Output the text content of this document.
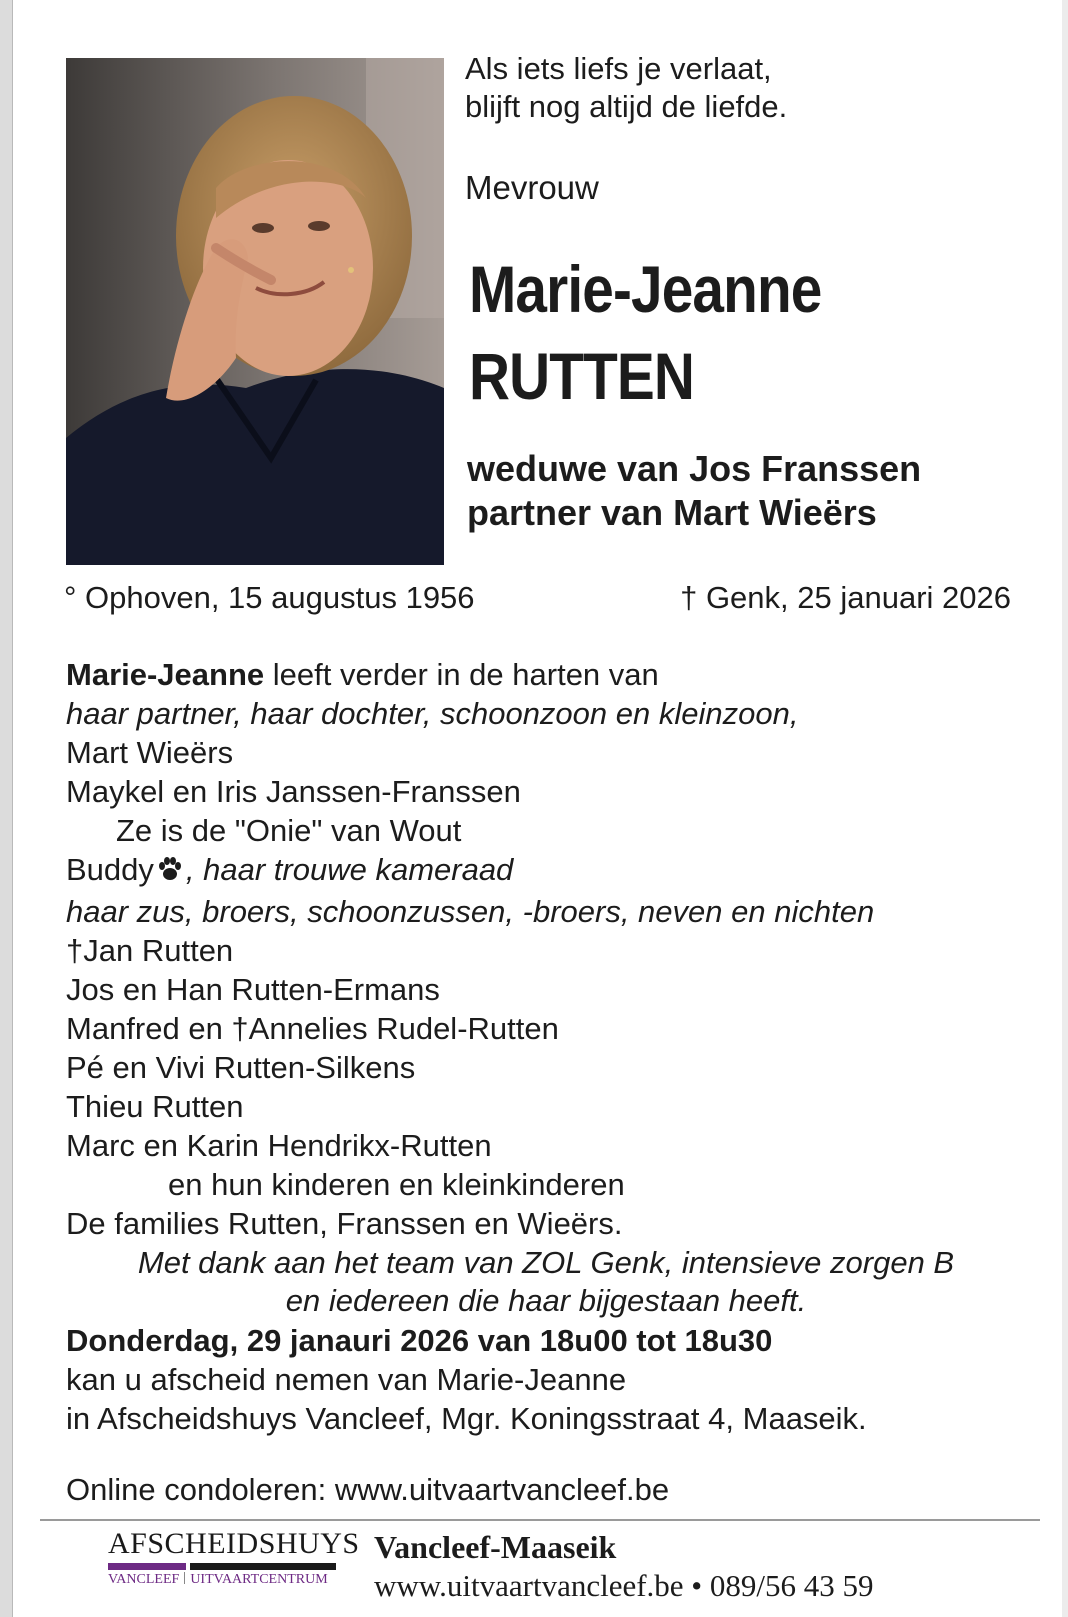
Als iets liefs je verlaat,
blijft nog altijd de liefde.
Mevrouw
Marie-Jeanne
RUTTEN
weduwe van Jos Franssen
partner van Mart Wieërs
° Ophoven, 15 augustus 1956	† Genk, 25 januari 2026
Marie-Jeanne leeft verder in de harten van
haar partner, haar dochter, schoonzoon en kleinzoon,
Mart Wieërs
Maykel en Iris Janssen-Franssen
Ze is de "Onie" van Wout
Buddy , haar trouwe kameraad
haar zus, broers, schoonzussen, -broers, neven en nichten
†Jan Rutten
Jos en Han Rutten-Ermans
Manfred en †Annelies Rudel-Rutten
Pé en Vivi Rutten-Silkens
Thieu Rutten
Marc en Karin Hendrikx-Rutten
en hun kinderen en kleinkinderen
De families Rutten, Franssen en Wieërs.
Met dank aan het team van ZOL Genk, intensieve zorgen B
en iedereen die haar bijgestaan heeft.
Donderdag, 29 janauri 2026 van 18u00 tot 18u30
kan u afscheid nemen van Marie-Jeanne
in Afscheidshuys Vancleef, Mgr. Koningsstraat 4, Maaseik.
Online condoleren: www.uitvaartvancleef.be
AFSCHEIDSHUYS
VANCLEEF UITVAARTCENTRUM
Vancleef-Maaseik
www.uitvaartvancleef.be • 089/56 43 59
